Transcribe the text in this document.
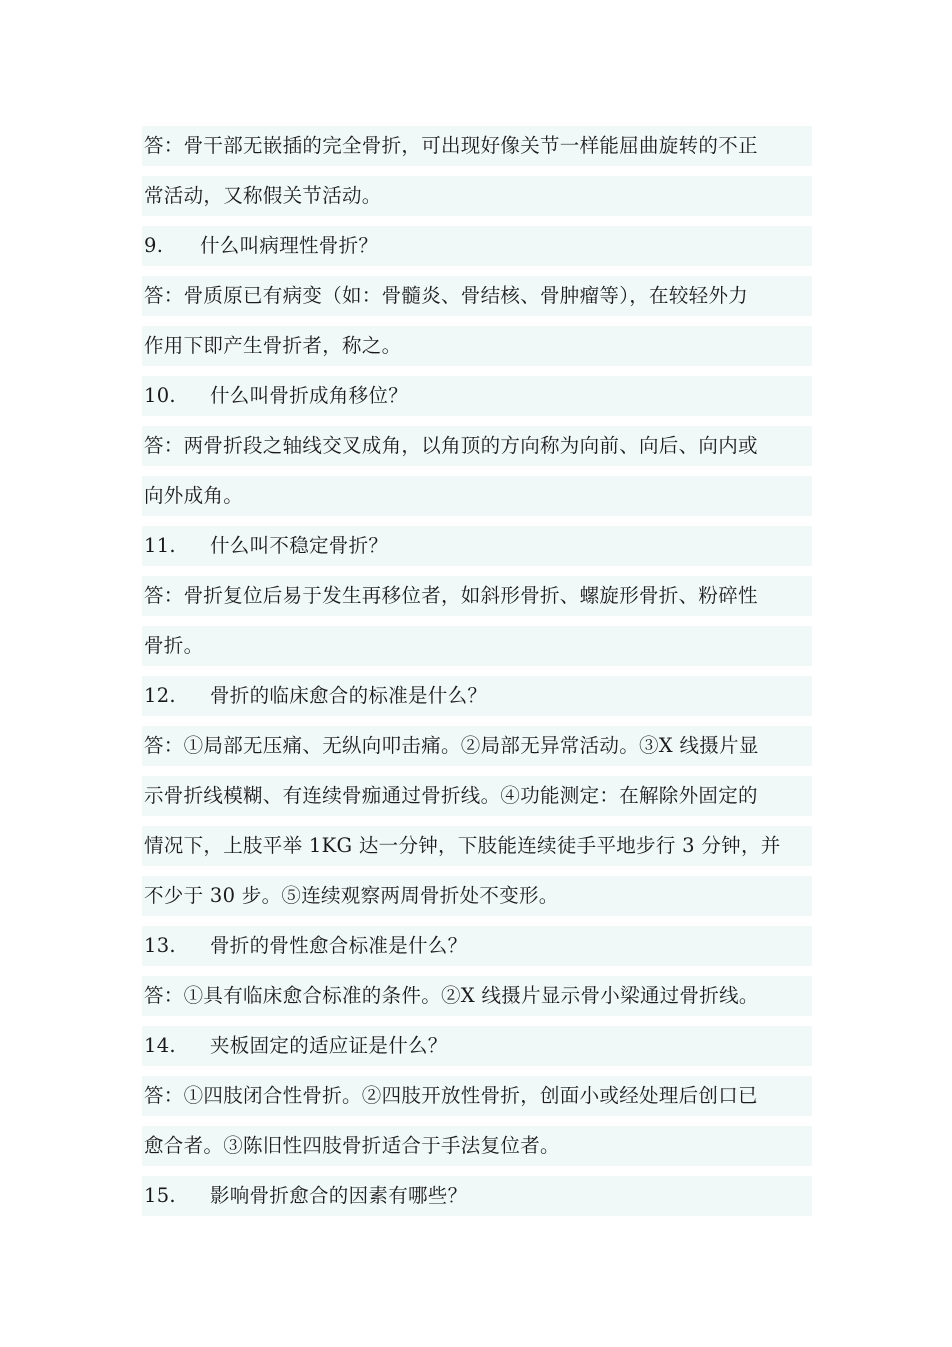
答：骨干部无嵌插的完全骨折，可出现好像关节一样能屈曲旋转的不正
常活动，又称假关节活动。
9. 什么叫病理性骨折？
答：骨质原已有病变（如：骨髓炎、骨结核、骨肿瘤等），在较轻外力
作用下即产生骨折者，称之。
10. 什么叫骨折成角移位？
答：两骨折段之轴线交叉成角，以角顶的方向称为向前、向后、向内或
向外成角。
11. 什么叫不稳定骨折？
答：骨折复位后易于发生再移位者，如斜形骨折、螺旋形骨折、粉碎性
骨折。
12. 骨折的临床愈合的标准是什么？
答：①局部无压痛、无纵向叩击痛。②局部无异常活动。③X 线摄片显
示骨折线模糊、有连续骨痂通过骨折线。④功能测定：在解除外固定的
情况下，上肢平举 1KG 达一分钟，下肢能连续徒手平地步行 3 分钟，并
不少于 30 步。⑤连续观察两周骨折处不变形。
13. 骨折的骨性愈合标准是什么？
答：①具有临床愈合标准的条件。②X 线摄片显示骨小梁通过骨折线。
14. 夹板固定的适应证是什么？
答：①四肢闭合性骨折。②四肢开放性骨折，创面小或经处理后创口已
愈合者。③陈旧性四肢骨折适合于手法复位者。
15. 影响骨折愈合的因素有哪些？
